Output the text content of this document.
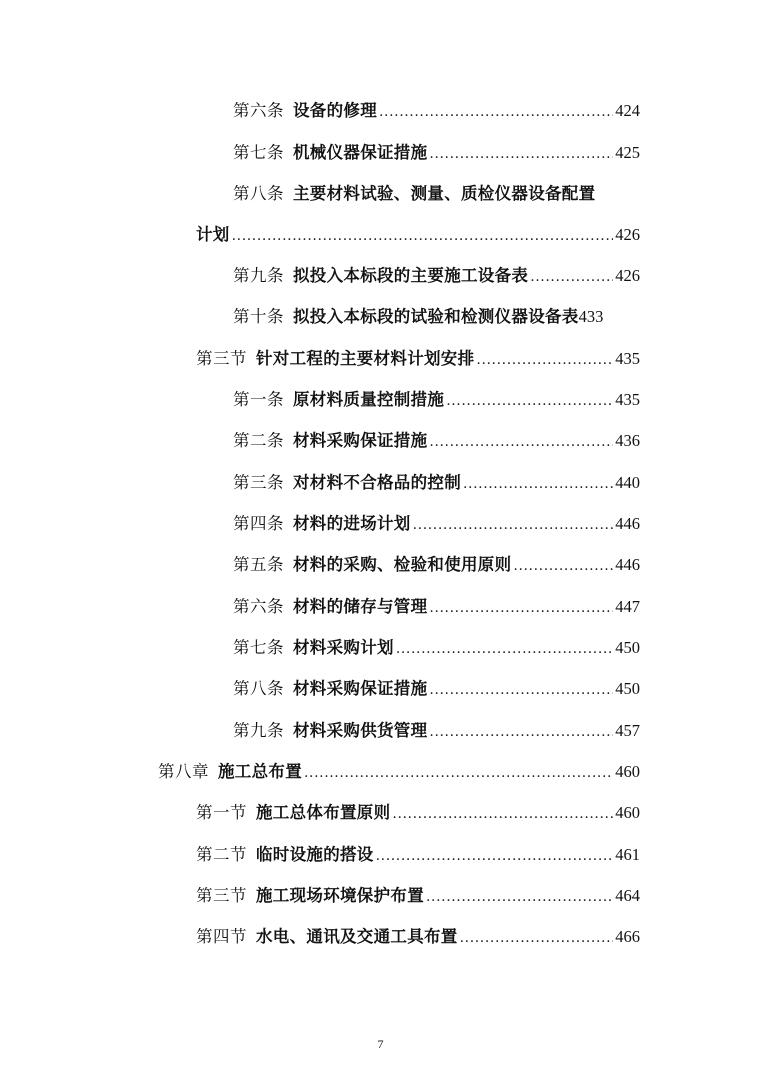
第六条 设备的修理 .....	424
第七条 机械仪器保证措施 .....	425
第八条 主要材料试验、测量、质检仪器设备配置
计划 .....	426
第九条 拟投入本标段的主要施工设备表 .....	426
第十条 拟投入本标段的试验和检测仪器设备表 433
第三节 针对工程的主要材料计划安排 .....	435
第一条 原材料质量控制措施 .....	435
第二条 材料采购保证措施 .....	436
第三条 对材料不合格品的控制 .....	440
第四条 材料的进场计划 .....	446
第五条 材料的采购、检验和使用原则 .....	446
第六条 材料的储存与管理 .....	447
第七条 材料采购计划 .....	450
第八条 材料采购保证措施 .....	450
第九条 材料采购供货管理 .....	457
第八章 施工总布置 .....	460
第一节 施工总体布置原则 .....	460
第二节 临时设施的搭设 .....	461
第三节 施工现场环境保护布置 .....	464
第四节 水电、通讯及交通工具布置 .....	466
7
